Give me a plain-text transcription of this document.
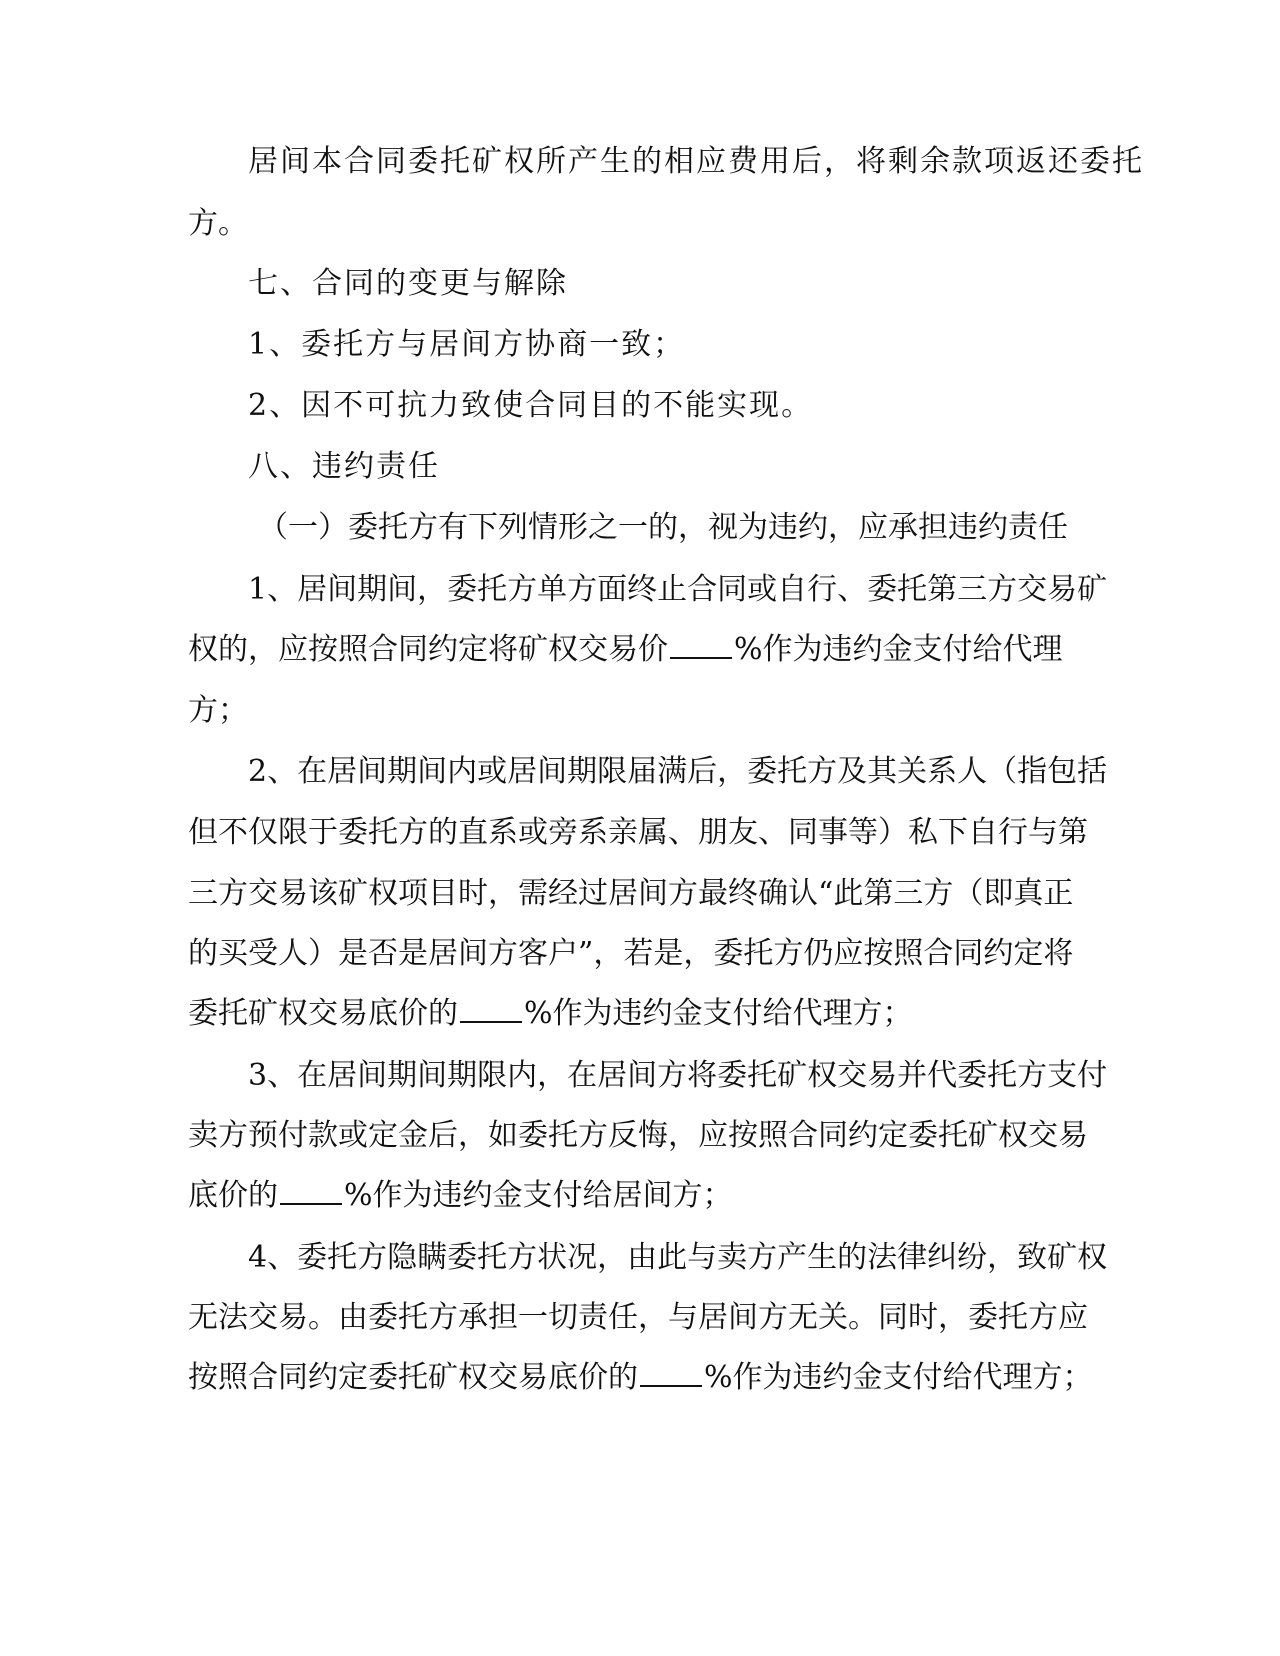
居间本合同委托矿权所产生的相应费用后，将剩余款项返还委托
方。
七、合同的变更与解除
1、委托方与居间方协商一致；
2、因不可抗力致使合同目的不能实现。
八、违约责任
（一）委托方有下列情形之一的，视为违约，应承担违约责任
1、居间期间，委托方单方面终止合同或自行、委托第三方交易矿
权的，应按照合同约定将矿权交易价 %作为违约金支付给代理
方；
2、在居间期间内或居间期限届满后，委托方及其关系人（指包括
但不仅限于委托方的直系或旁系亲属、朋友、同事等）私下自行与第
三方交易该矿权项目时，需经过居间方最终确认“此第三方（即真正
的买受人）是否是居间方客户”，若是，委托方仍应按照合同约定将
委托矿权交易底价的 %作为违约金支付给代理方；
3、在居间期间期限内，在居间方将委托矿权交易并代委托方支付
卖方预付款或定金后，如委托方反悔，应按照合同约定委托矿权交易
底价的 %作为违约金支付给居间方；
4、委托方隐瞒委托方状况，由此与卖方产生的法律纠纷，致矿权
无法交易。由委托方承担一切责任，与居间方无关。同时，委托方应
按照合同约定委托矿权交易底价的 %作为违约金支付给代理方；
